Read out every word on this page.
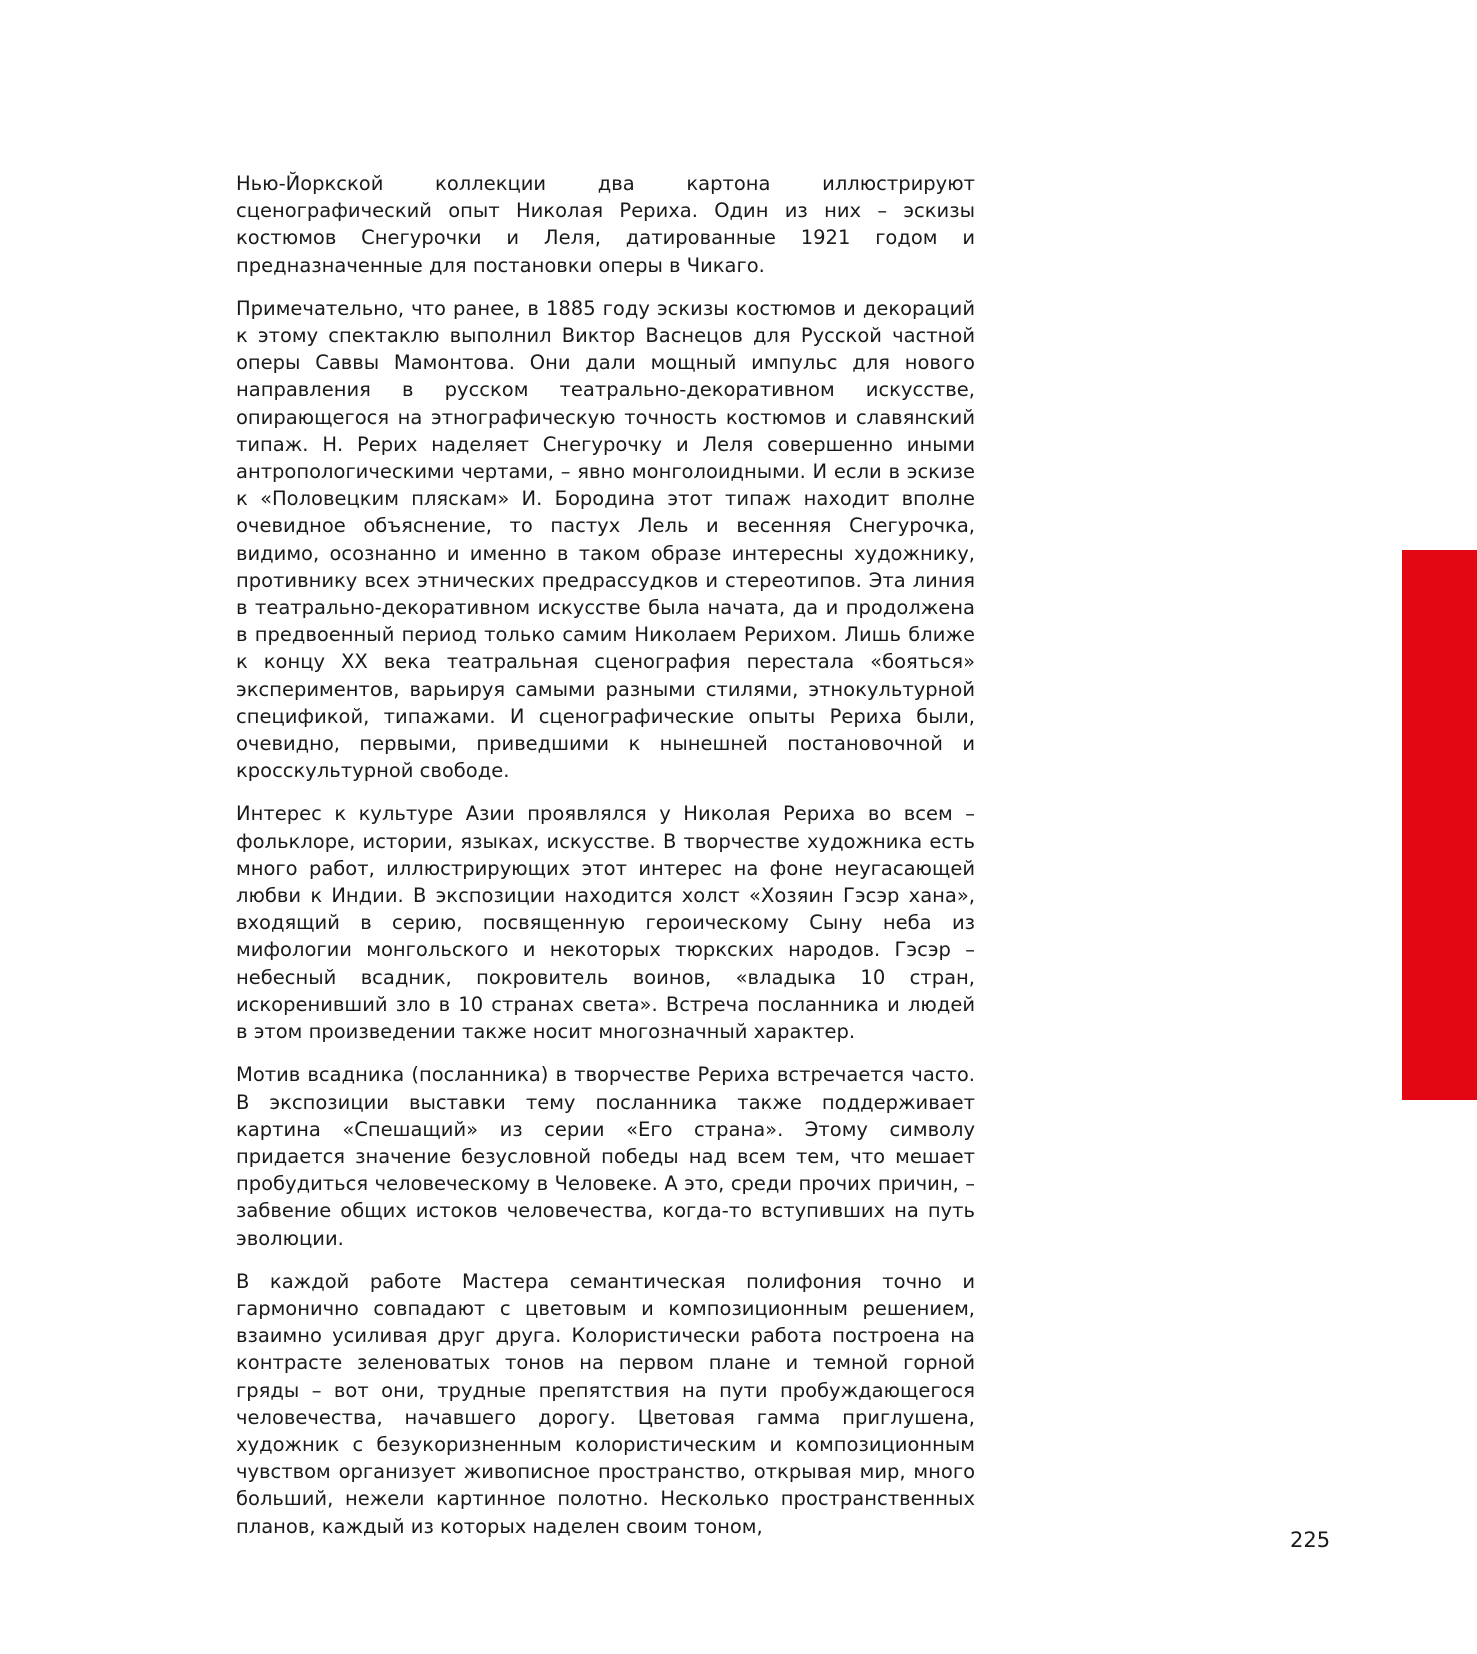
Нью-Йоркской коллекции два картона иллюстрируют сценографический опыт Николая Рериха. Один из них – эскизы костюмов Снегурочки и Леля, датированные 1921 годом и предназначенные для постановки оперы в Чикаго.

Примечательно, что ранее, в 1885 году эскизы костюмов и декораций к этому спектаклю выполнил Виктор Васнецов для Русской частной оперы Саввы Мамонтова. Они дали мощный импульс для нового направления в русском театрально-декоративном искусстве, опирающегося на этнографическую точность костюмов и славянский типаж. Н. Рерих наделяет Снегурочку и Леля совершенно иными антропологическими чертами, – явно монголоидными. И если в эскизе к «Половецким пляскам» И. Бородина этот типаж находит вполне очевидное объяснение, то пастух Лель и весенняя Снегурочка, видимо, осознанно и именно в таком образе интересны художнику, противнику всех этнических предрассудков и стереотипов. Эта линия в театрально-декоративном искусстве была начата, да и продолжена в предвоенный период только самим Николаем Рерихом. Лишь ближе к концу XX века театральная сценография перестала «бояться» экспериментов, варьируя самыми разными стилями, этнокультурной спецификой, типажами. И сценографические опыты Рериха были, очевидно, первыми, приведшими к нынешней постановочной и кросскультурной свободе.

Интерес к культуре Азии проявлялся у Николая Рериха во всем – фольклоре, истории, языках, искусстве. В творчестве художника есть много работ, иллюстрирующих этот интерес на фоне неугасающей любви к Индии. В экспозиции находится холст «Хозяин Гэсэр хана», входящий в серию, посвященную героическому Сыну неба из мифологии монгольского и некоторых тюркских народов. Гэсэр – небесный всадник, покровитель воинов, «владыка 10 стран, искоренивший зло в 10 странах света». Встреча посланника и людей в этом произведении также носит многозначный характер.

Мотив всадника (посланника) в творчестве Рериха встречается часто. В экспозиции выставки тему посланника также поддерживает картина «Спешащий» из серии «Его страна». Этому символу придается значение безусловной победы над всем тем, что мешает пробудиться человеческому в Человеке. А это, среди прочих причин, – забвение общих истоков человечества, когда-то вступивших на путь эволюции.

В каждой работе Мастера семантическая полифония точно и гармонично совпадают с цветовым и композиционным решением, взаимно усиливая друг друга. Колористически работа построена на контрасте зеленоватых тонов на первом плане и темной горной гряды – вот они, трудные препятствия на пути пробуждающегося человечества, начавшего дорогу. Цветовая гамма приглушена, художник с безукоризненным колористическим и композиционным чувством организует живописное пространство, открывая мир, много больший, нежели картинное полотно. Несколько пространственных планов, каждый из которых наделен своим тоном,

225
